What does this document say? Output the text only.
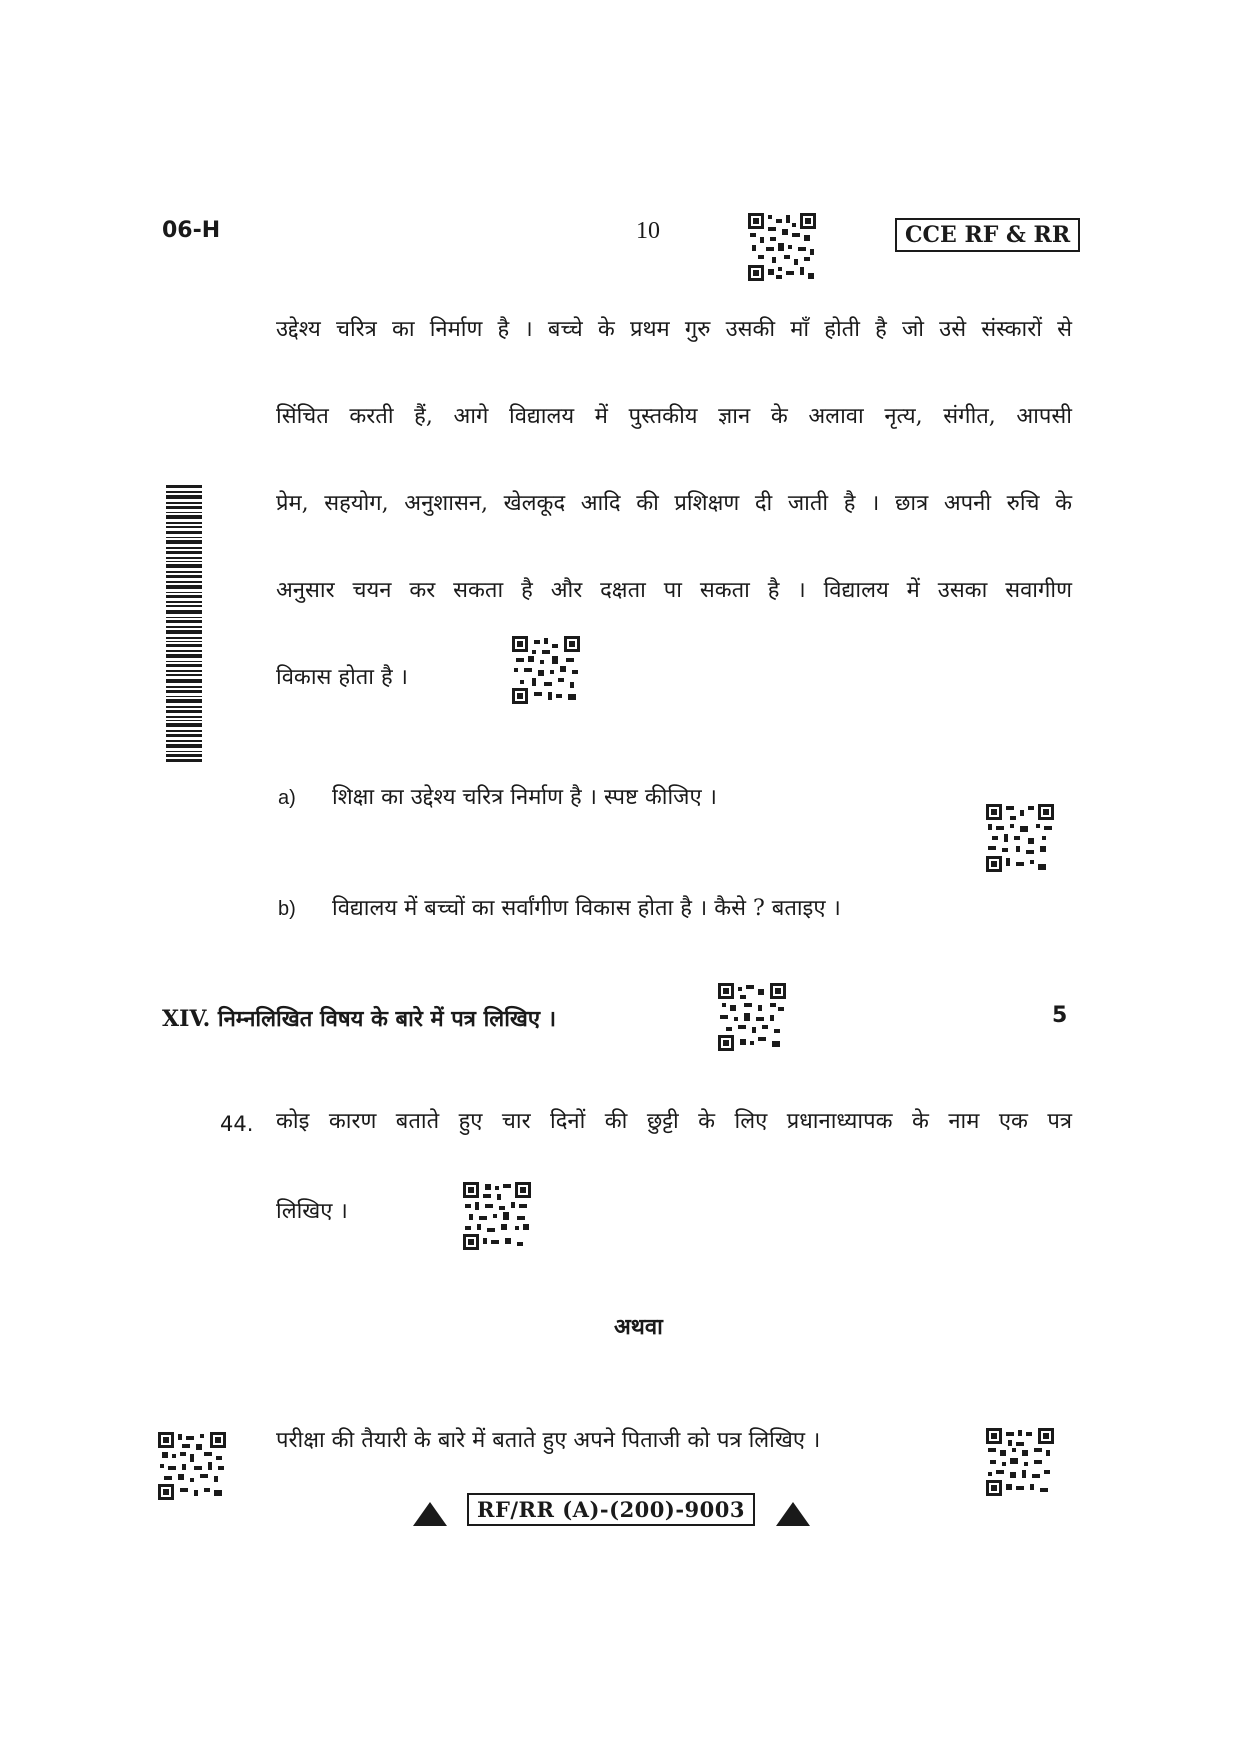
06-H	10	CCE RF & RR
उद्देश्य चरित्र का निर्माण है । बच्चे के प्रथम गुरु उसकी माँ होती है जो उसे संस्कारों से
सिंचित करती हैं, आगे विद्यालय में पुस्तकीय ज्ञान के अलावा नृत्य, संगीत, आपसी
प्रेम, सहयोग, अनुशासन, खेलकूद आदि की प्रशिक्षण दी जाती है । छात्र अपनी रुचि के
अनुसार चयन कर सकता है और दक्षता पा सकता है । विद्यालय में उसका सवागीण
विकास होता है ।
a) शिक्षा का उद्देश्य चरित्र निर्माण है । स्पष्ट कीजिए ।
b) विद्यालय में बच्चों का सर्वांगीण विकास होता है । कैसे ? बताइए ।
XIV. निम्नलिखित विषय के बारे में पत्र लिखिए ।	5
44. कोइ कारण बताते हुए चार दिनों की छुट्टी के लिए प्रधानाध्यापक के नाम एक पत्र
लिखिए ।
अथवा
परीक्षा की तैयारी के बारे में बताते हुए अपने पिताजी को पत्र लिखिए ।
RF/RR (A)-(200)-9003
